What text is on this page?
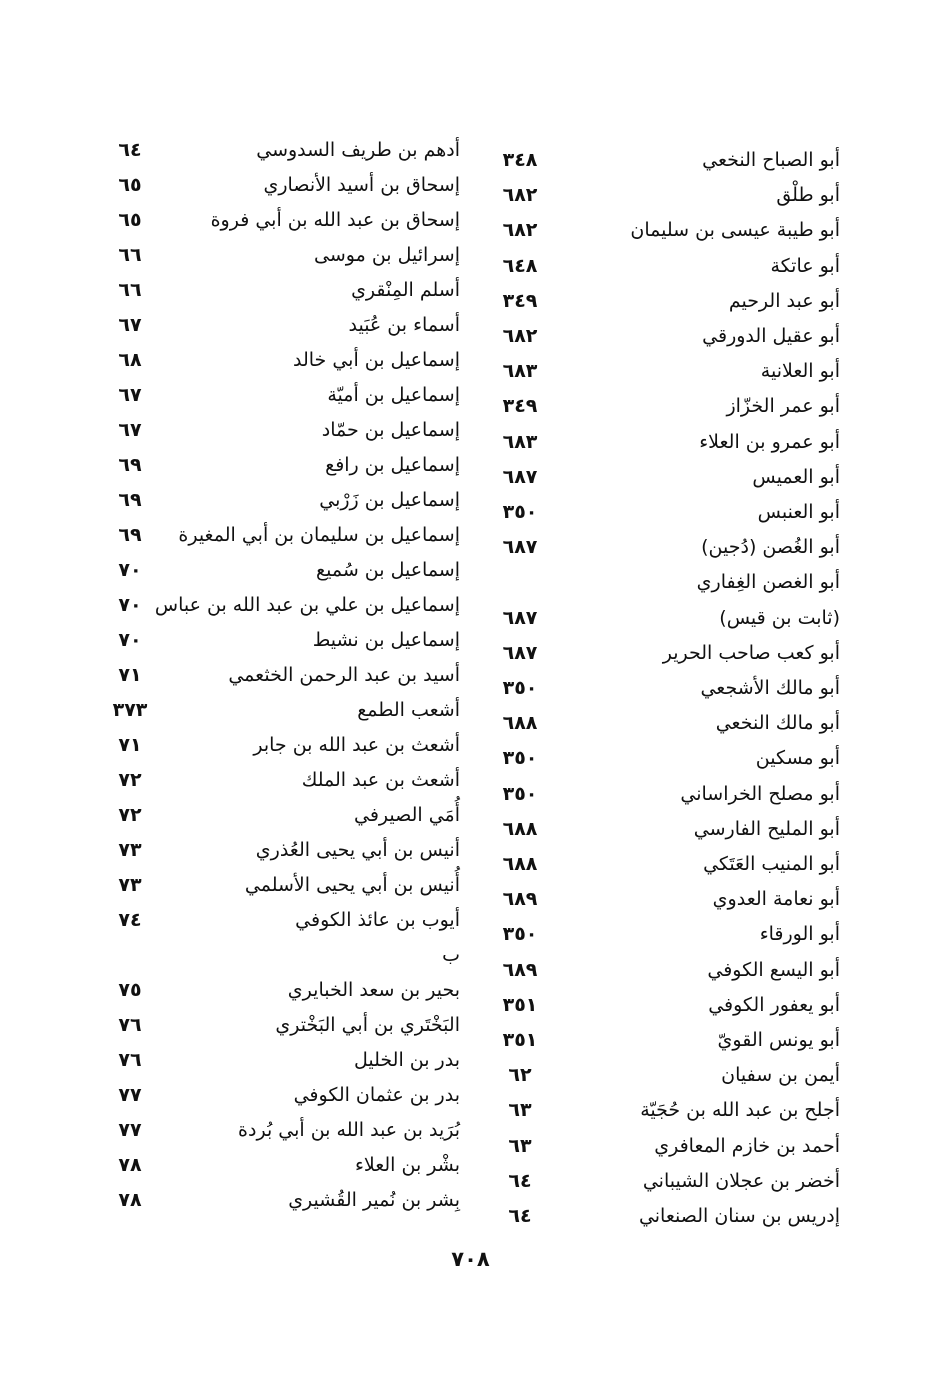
أبو الصباح النخعي
٣٤٨
أبو طلْق
٦٨٢
أبو طيبة عيسى بن سليمان
٦٨٢
أبو عاتكة
٦٤٨
أبو عبد الرحيم
٣٤٩
أبو عقيل الدورقي
٦٨٢
أبو العلانية
٦٨٣
أبو عمر الخزّاز
٣٤٩
أبو عمرو بن العلاء
٦٨٣
أبو العميس
٦٨٧
أبو العنبس
٣٥٠
أبو الغُصن (دُجين)
٦٨٧
أبو الغصن الغِفاري
(ثابت بن قيس)
٦٨٧
أبو كعب صاحب الحرير
٦٨٧
أبو مالك الأشجعي
٣٥٠
أبو مالك النخعي
٦٨٨
أبو مسكين
٣٥٠
أبو مصلح الخراساني
٣٥٠
أبو المليح الفارسي
٦٨٨
أبو المنيب العَتَكي
٦٨٨
أبو نعامة العدوي
٦٨٩
أبو الورقاء
٣٥٠
أبو اليسع الكوفي
٦٨٩
أبو يعفور الكوفي
٣٥١
أبو يونس القويّ
٣٥١
أيمن بن سفيان
٦٢
أجلح بن عبد الله بن حُجَيّة
٦٣
أحمد بن خازم المعافري
٦٣
أخضر بن عجلان الشيباني
٦٤
إدريس بن سنان الصنعاني
٦٤
أدهم بن طريف السدوسي
٦٤
إسحاق بن أسيد الأنصاري
٦٥
إسحاق بن عبد الله بن أبي فروة
٦٥
إسرائيل بن موسى
٦٦
أسلم المِنْقري
٦٦
أسماء بن عُبَيد
٦٧
إسماعيل بن أبي خالد
٦٨
إسماعيل بن أميّة
٦٧
إسماعيل بن حمّاد
٦٧
إسماعيل بن رافع
٦٩
إسماعيل بن زَرْبي
٦٩
إسماعيل بن سليمان بن أبي المغيرة
٦٩
إسماعيل بن سُميع
٧٠
إسماعيل بن علي بن عبد الله بن عباس
٧٠
إسماعيل بن نشيط
٧٠
أسيد بن عبد الرحمن الخثعمي
٧١
أشعب الطمع
٣٧٣
أشعث بن عبد الله بن جابر
٧١
أشعث بن عبد الملك
٧٢
أُمَي الصيرفي
٧٢
أنيس بن أبي يحيى العُذري
٧٣
أُنيس بن أبي يحيى الأسلمي
٧٣
أيوب بن عائذ الكوفي
٧٤
ب
بحير بن سعد الخبايري
٧٥
البَخْتَري بن أبي البَخْتري
٧٦
بدر بن الخليل
٧٦
بدر بن عثمان الكوفي
٧٧
بُرَيد بن عبد الله بن أبي بُردة
٧٧
بشْر بن العلاء
٧٨
بِشر بن نُمير القُشيري
٧٨
٧٠٨
